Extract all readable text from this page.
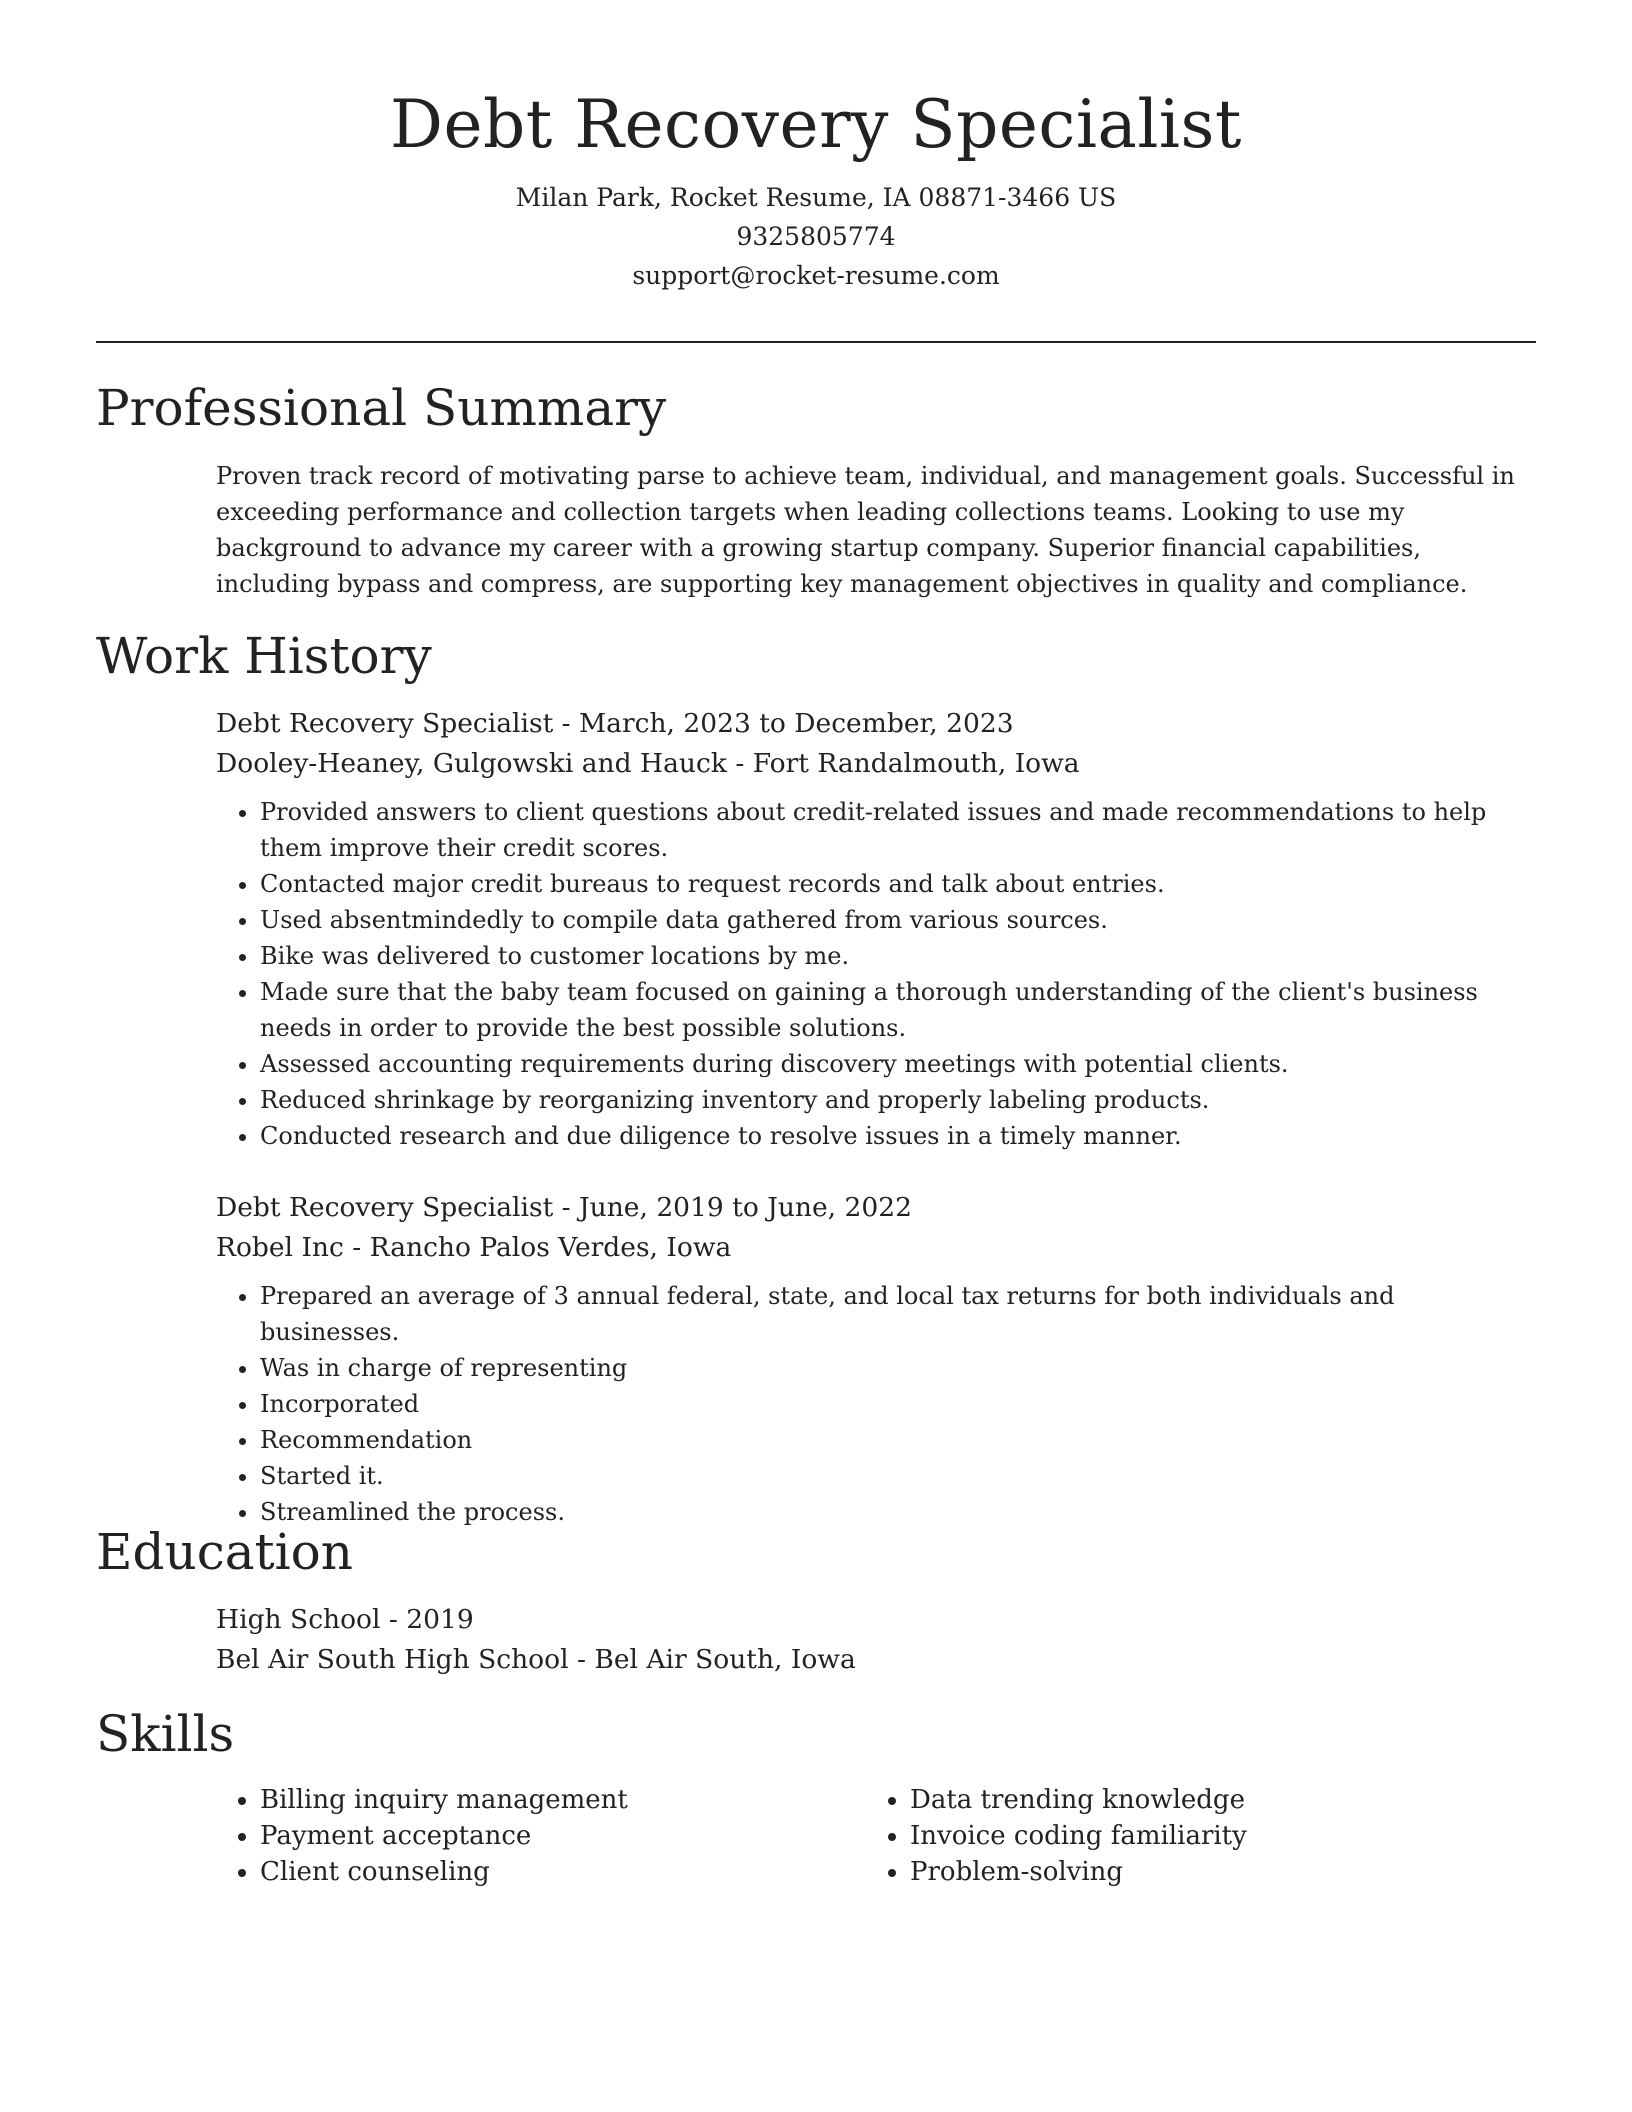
Debt Recovery Specialist
Milan Park, Rocket Resume, IA 08871-3466 US
9325805774
support@rocket-resume.com
Professional Summary

Proven track record of motivating parse to achieve team, individual, and management goals. Successful in exceeding performance and collection targets when leading collections teams. Looking to use my background to advance my career with a growing startup company. Superior financial capabilities, including bypass and compress, are supporting key management objectives in quality and compliance.

Work History
Debt Recovery Specialist - March, 2023 to December, 2023
Dooley-Heaney, Gulgowski and Hauck - Fort Randalmouth, Iowa
• Provided answers to client questions about credit-related issues and made recommendations to help them improve their credit scores.
• Contacted major credit bureaus to request records and talk about entries.
• Used absentmindedly to compile data gathered from various sources.
• Bike was delivered to customer locations by me.
• Made sure that the baby team focused on gaining a thorough understanding of the client's business needs in order to provide the best possible solutions.
• Assessed accounting requirements during discovery meetings with potential clients.
• Reduced shrinkage by reorganizing inventory and properly labeling products.
• Conducted research and due diligence to resolve issues in a timely manner.
Debt Recovery Specialist - June, 2019 to June, 2022
Robel Inc - Rancho Palos Verdes, Iowa
• Prepared an average of 3 annual federal, state, and local tax returns for both individuals and businesses.
• Was in charge of representing
• Incorporated
• Recommendation
• Started it.
• Streamlined the process.
Education
High School - 2019
Bel Air South High School - Bel Air South, Iowa
Skills
• Billing inquiry management
• Payment acceptance
• Client counseling
• Data trending knowledge
• Invoice coding familiarity
• Problem-solving
